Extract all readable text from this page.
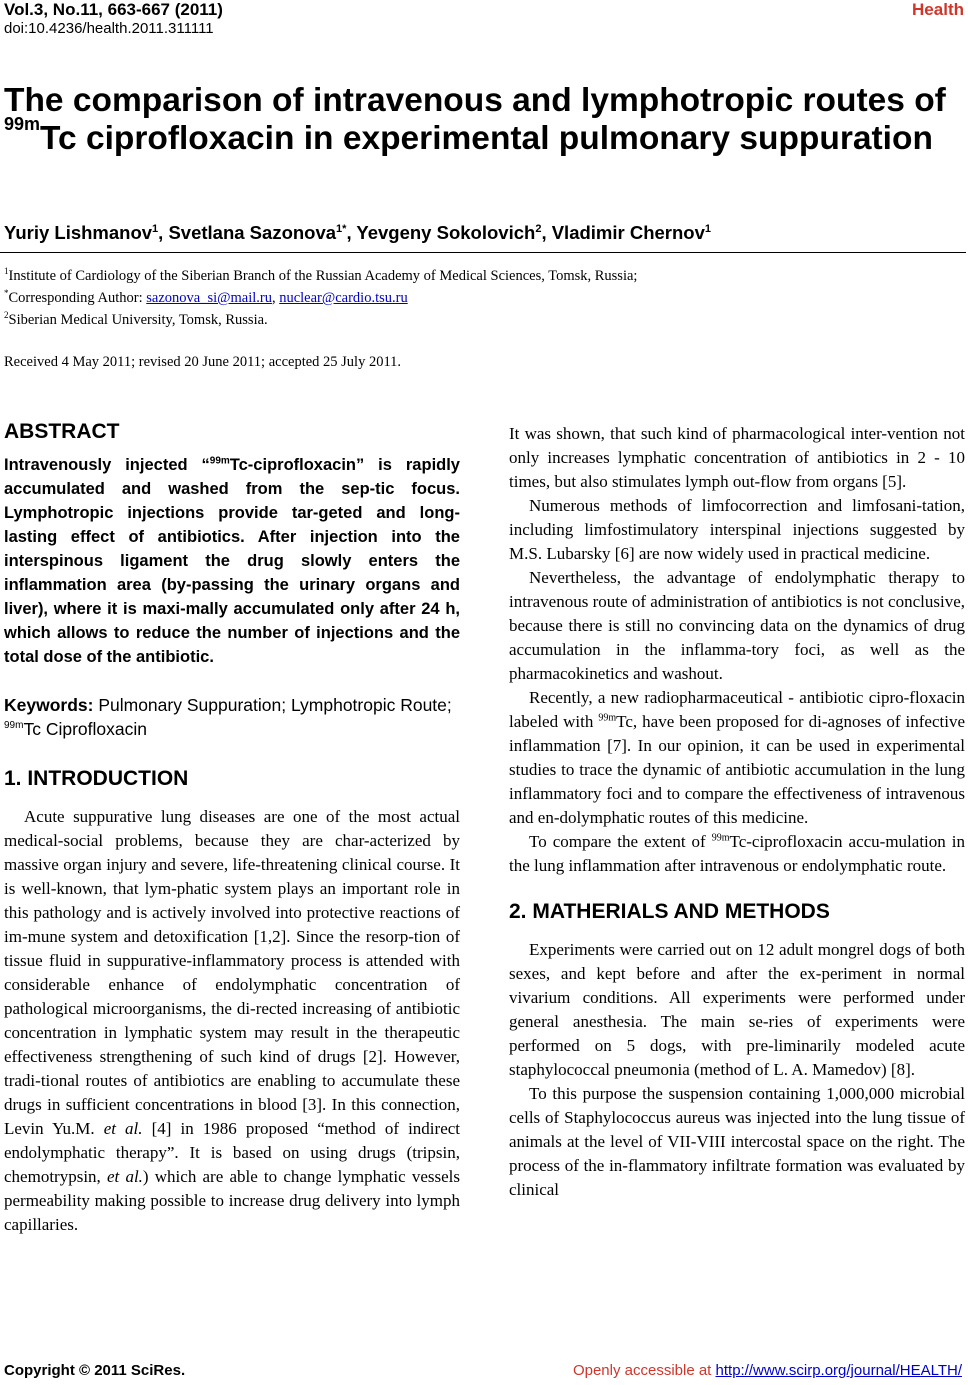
Vol.3, No.11, 663-667 (2011)
doi:10.4236/health.2011.311111
Health
The comparison of intravenous and lymphotropic routes of $^{99m}$Tc ciprofloxacin in experimental pulmonary suppuration
Yuriy Lishmanov$^1$, Svetlana Sazonova$^{1*}$, Yevgeny Sokolovich$^2$, Vladimir Chernov$^1$
$^1$Institute of Cardiology of the Siberian Branch of the Russian Academy of Medical Sciences, Tomsk, Russia;
*Corresponding Author: sazonova_si@mail.ru, nuclear@cardio.tsu.ru
$^2$Siberian Medical University, Tomsk, Russia.
Received 4 May 2011; revised 20 June 2011; accepted 25 July 2011.
ABSTRACT
Intravenously injected “$^{99m}$Tc-ciprofloxacin” is rapidly accumulated and washed from the sep-tic focus. Lymphotropic injections provide tar-geted and long-lasting effect of antibiotics. After injection into the interspinous ligament the drug slowly enters the inflammation area (by-passing the urinary organs and liver), where it is maxi-mally accumulated only after 24 h, which allows to reduce the number of injections and the total dose of the antibiotic.
Keywords: Pulmonary Suppuration; Lymphotropic Route; $^{99m}$Tc Ciprofloxacin
1. INTRODUCTION

Acute suppurative lung diseases are one of the most actual medical-social problems, because they are char-acterized by massive organ injury and severe, life-threatening clinical course. It is well-known, that lym-phatic system plays an important role in this pathology and is actively involved into protective reactions of im-mune system and detoxification [1,2]. Since the resorp-tion of tissue fluid in suppurative-inflammatory process is attended with considerable enhance of endolymphatic concentration of pathological microorganisms, the di-rected increasing of antibiotic concentration in lymphatic system may result in the therapeutic effectiveness strengthening of such kind of drugs [2]. However, tradi-tional routes of antibiotics are enabling to accumulate these drugs in sufficient concentrations in blood [3]. In this connection, Levin Yu.M. et al. [4] in 1986 proposed “method of indirect endolymphatic therapy”. It is based on using drugs (tripsin, chemotrypsin, et al.) which are able to change lymphatic vessels permeability making possible to increase drug delivery into lymph capillaries.

It was shown, that such kind of pharmacological inter-vention not only increases lymphatic concentration of antibiotics in 2 - 10 times, but also stimulates lymph out-flow from organs [5].

Numerous methods of limfocorrection and limfosani-tation, including limfostimulatory interspinal injections suggested by M.S. Lubarsky [6] are now widely used in practical medicine.

Nevertheless, the advantage of endolymphatic therapy to intravenous route of administration of antibiotics is not conclusive, because there is still no convincing data on the dynamics of drug accumulation in the inflamma-tory foci, as well as the pharmacokinetics and washout.

Recently, a new radiopharmaceutical - antibiotic cipro-floxacin labeled with $^{99m}$Tc, have been proposed for di-agnoses of infective inflammation [7]. In our opinion, it can be used in experimental studies to trace the dynamic of antibiotic accumulation in the lung inflammatory foci and to compare the effectiveness of intravenous and en-dolymphatic routes of this medicine.

To compare the extent of $^{99m}$Tc-ciprofloxacin accu-mulation in the lung inflammation after intravenous or endolymphatic route.

2. MATHERIALS AND METHODS

Experiments were carried out on 12 adult mongrel dogs of both sexes, and kept before and after the ex-periment in normal vivarium conditions. All experiments were performed under general anesthesia. The main se-ries of experiments were performed on 5 dogs, with pre-liminarily modeled acute staphylococcal pneumonia (method of L. A. Mamedov) [8].

To this purpose the suspension containing 1,000,000 microbial cells of Staphylococcus aureus was injected into the lung tissue of animals at the level of VII-VIII intercostal space on the right. The process of the in-flammatory infiltrate formation was evaluated by clinical

Copyright © 2011 SciRes.	Openly accessible at http://www.scirp.org/journal/HEALTH/
